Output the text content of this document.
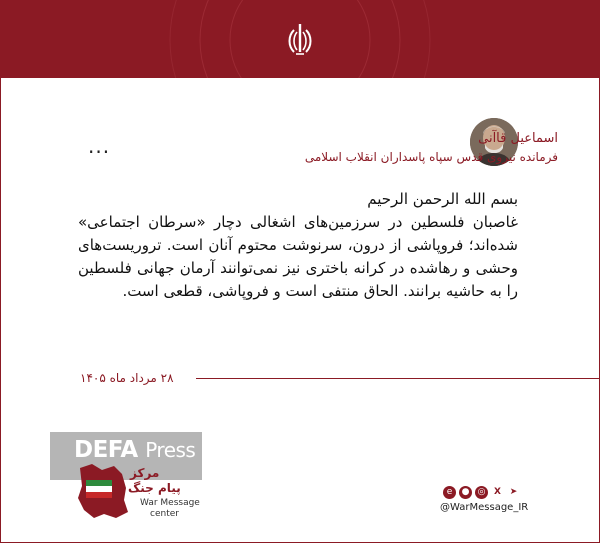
اسماعیل قاآنی
فرمانده نیروی قدس سپاه پاسداران انقلاب اسلامی
...

بسم الله الرحمن الرحیم

غاصبان فلسطین در سرزمین‌های اشغالی دچار «سرطان اجتماعی» شده‌اند؛ فروپاشی از درون، سرنوشت محتوم آنان است. تروریست‌های وحشی و رهاشده در کرانه باختری نیز نمی‌توانند آرمان جهانی فلسطین را به حاشیه برانند. الحاق منتفی است و فروپاشی، قطعی است.

۲۸ مرداد ماه ۱۴۰۵
DEFA Press
مرکز
پیام جنگ
War Message
center
e	● ◎ X ➤
@WarMessage_IR
